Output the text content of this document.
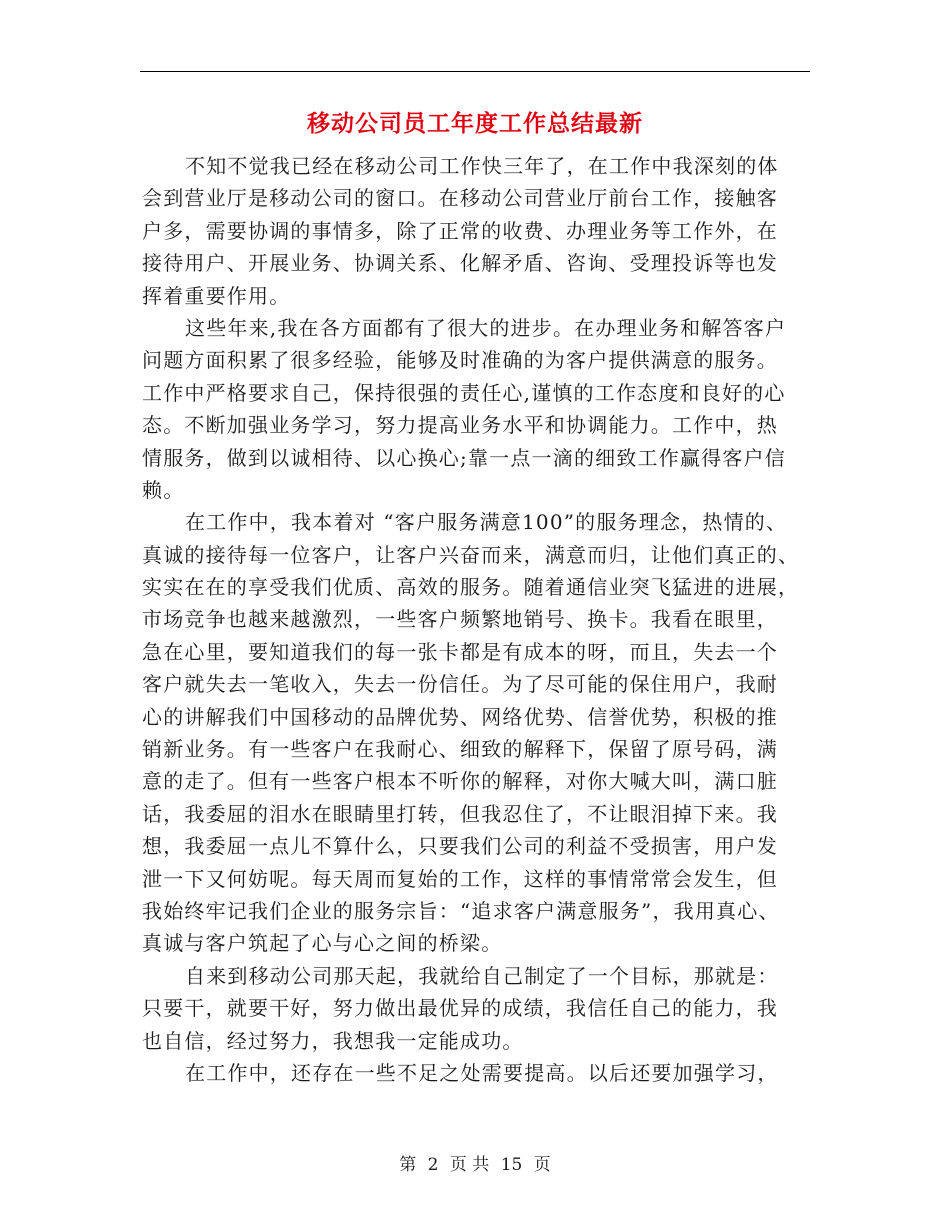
移动公司员工年度工作总结最新
不知不觉我已经在移动公司工作快三年了，在工作中我深刻的体
会到营业厅是移动公司的窗口。在移动公司营业厅前台工作，接触客
户多，需要协调的事情多，除了正常的收费、办理业务等工作外，在
接待用户、开展业务、协调关系、化解矛盾、咨询、受理投诉等也发
挥着重要作用。
这些年来,我在各方面都有了很大的进步。在办理业务和解答客户
问题方面积累了很多经验，能够及时准确的为客户提供满意的服务。
工作中严格要求自己，保持很强的责任心,谨慎的工作态度和良好的心
态。不断加强业务学习，努力提高业务水平和协调能力。工作中，热
情服务，做到以诚相待、以心换心;靠一点一滴的细致工作赢得客户信
赖。
在工作中，我本着对 “客户服务满意100”的服务理念，热情的、
真诚的接待每一位客户，让客户兴奋而来，满意而归，让他们真正的、
实实在在的享受我们优质、高效的服务。随着通信业突飞猛进的进展，
市场竞争也越来越激烈，一些客户频繁地销号、换卡。我看在眼里，
急在心里，要知道我们的每一张卡都是有成本的呀，而且，失去一个
客户就失去一笔收入，失去一份信任。为了尽可能的保住用户，我耐
心的讲解我们中国移动的品牌优势、网络优势、信誉优势，积极的推
销新业务。有一些客户在我耐心、细致的解释下，保留了原号码，满
意的走了。但有一些客户根本不听你的解释，对你大喊大叫，满口脏
话，我委屈的泪水在眼睛里打转，但我忍住了，不让眼泪掉下来。我
想，我委屈一点儿不算什么，只要我们公司的利益不受损害，用户发
泄一下又何妨呢。每天周而复始的工作，这样的事情常常会发生，但
我始终牢记我们企业的服务宗旨：“追求客户满意服务”，我用真心、
真诚与客户筑起了心与心之间的桥梁。
自来到移动公司那天起，我就给自己制定了一个目标，那就是：
只要干，就要干好，努力做出最优异的成绩，我信任自己的能力，我
也自信，经过努力，我想我一定能成功。
在工作中，还存在一些不足之处需要提高。以后还要加强学习，
第 2 页 共 15 页
